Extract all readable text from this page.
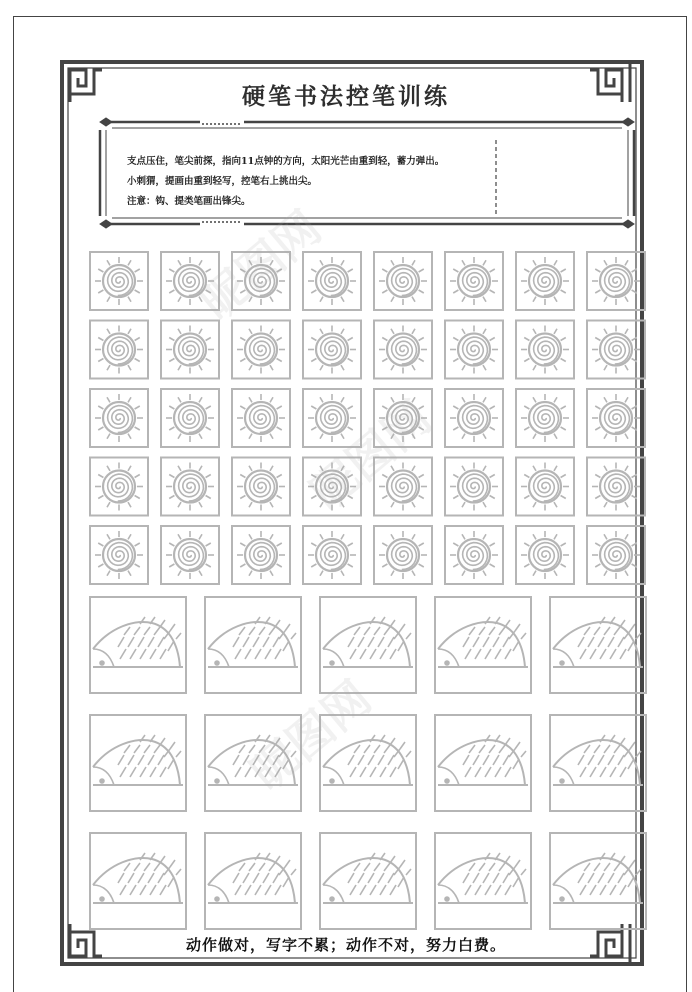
硬笔书法控笔训练
支点压住，笔尖前探，指向11点钟的方向，太阳光芒由重到轻，蓄力弹出。
小刺猬，提画由重到轻写，控笔右上挑出尖。
注意：钩、提类笔画出锋尖。
动作做对，写字不累；动作不对，努力白费。
昵图网
昵图网
昵图网
